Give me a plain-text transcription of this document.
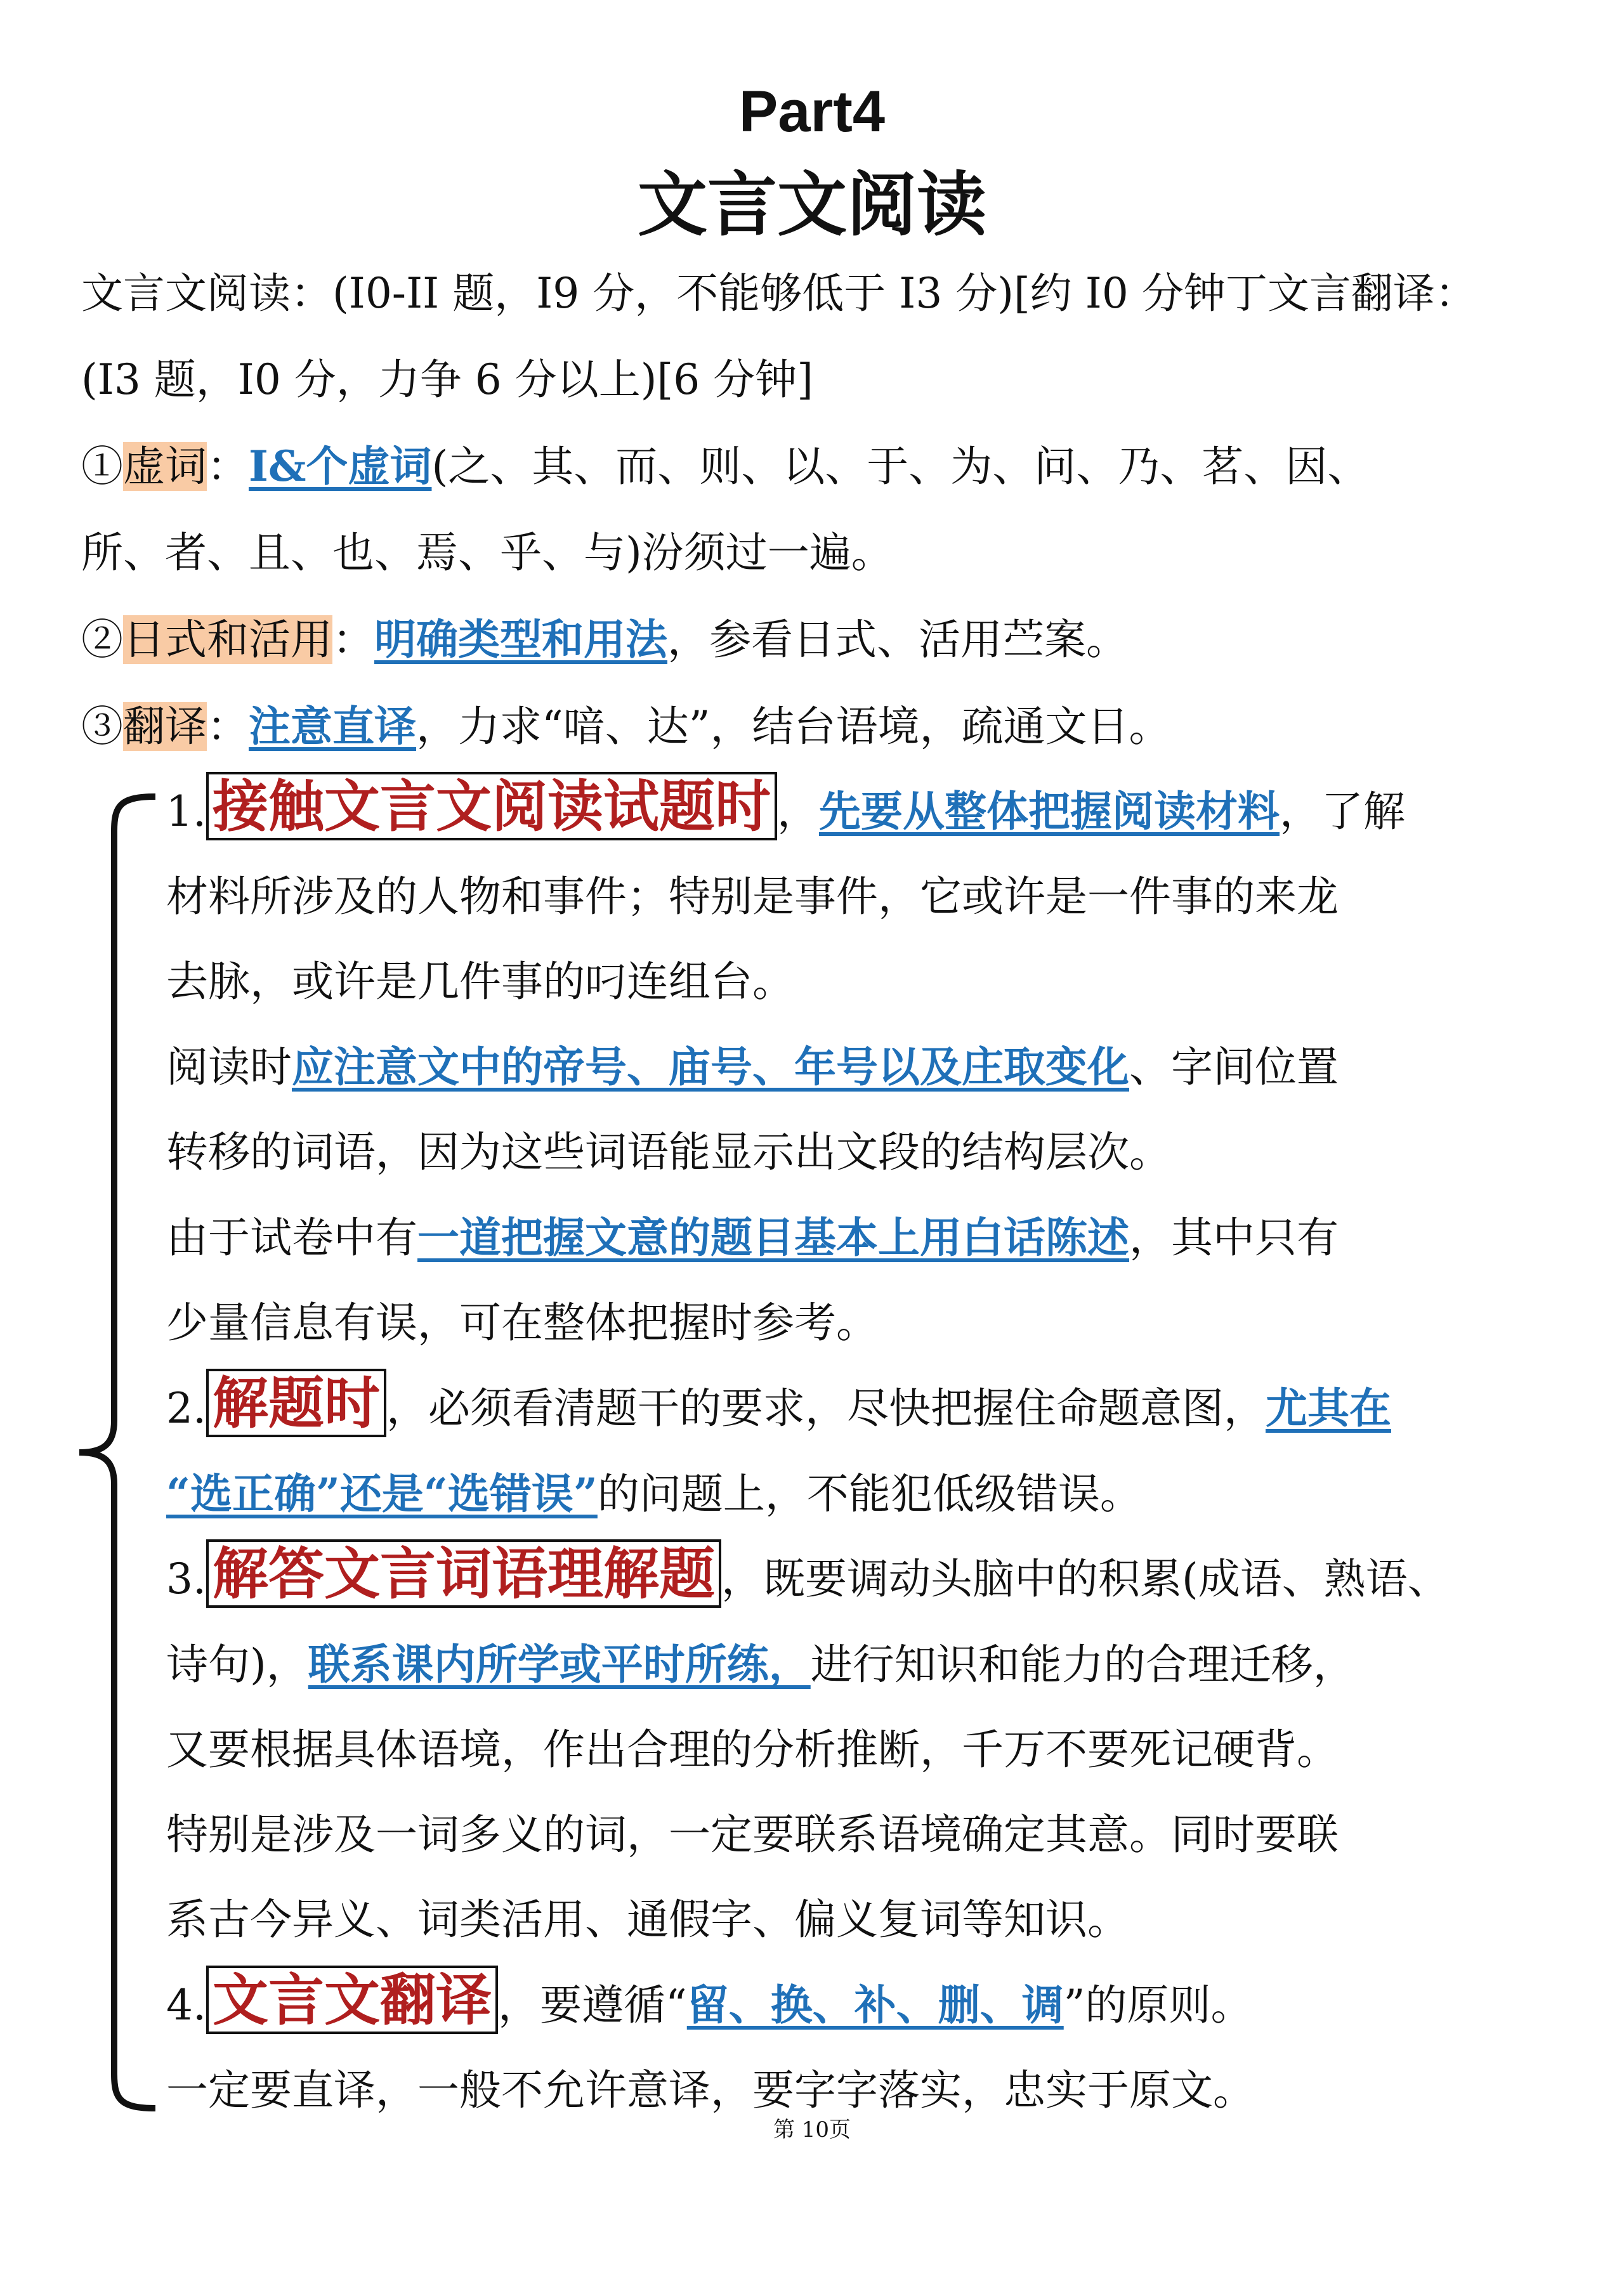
Part4
文言文阅读

文言文阅读：(I0-II 题，I9 分，不能够低于 I3 分)[约 I0 分钟丁文言翻译：

(I3 题，I0 分，力争 6 分以上)[6 分钟]

①虚词：I&个虚词(之、其、而、则、以、于、为、问、乃、茗、因、

所、者、且、也、焉、乎、与)汾须过一遍。

②日式和活用：明确类型和用法，参看日式、活用苎案。

③翻译：注意直译，力求“喑、达”，结台语境，疏通文日。

1. 接触文言文阅读试题时 ，先要从整体把握阅读材料，了解

材料所涉及的人物和事件；特别是事件，它或许是一件事的来龙

去脉，或许是几件事的叼连组台。

阅读时应注意文中的帝号、庙号、年号以及庄取变化、字间位置

转移的词语，因为这些词语能显示出文段的结构层次。

由于试卷中有一道把握文意的题目基本上用白话陈述，其中只有

少量信息有误，可在整体把握时参考。

2. 解题时 ，必须看清题干的要求，尽快把握住命题意图，尤其在

“选正确”还是“选错误”的问题上，不能犯低级错误。

3. 解答文言词语理解题 ，既要调动头脑中的积累(成语、熟语、

诗句)，联系课内所学或平时所练，进行知识和能力的合理迁移，

又要根据具体语境，作出合理的分析推断，千万不要死记硬背。

特别是涉及一词多义的词，一定要联系语境确定其意。同时要联

系古今异义、词类活用、通假字、偏义复词等知识。

4. 文言文翻译 ，要遵循“留、换、补、删、调”的原则。

一定要直译，一般不允许意译，要字字落实，忠实于原文。

第 10页
